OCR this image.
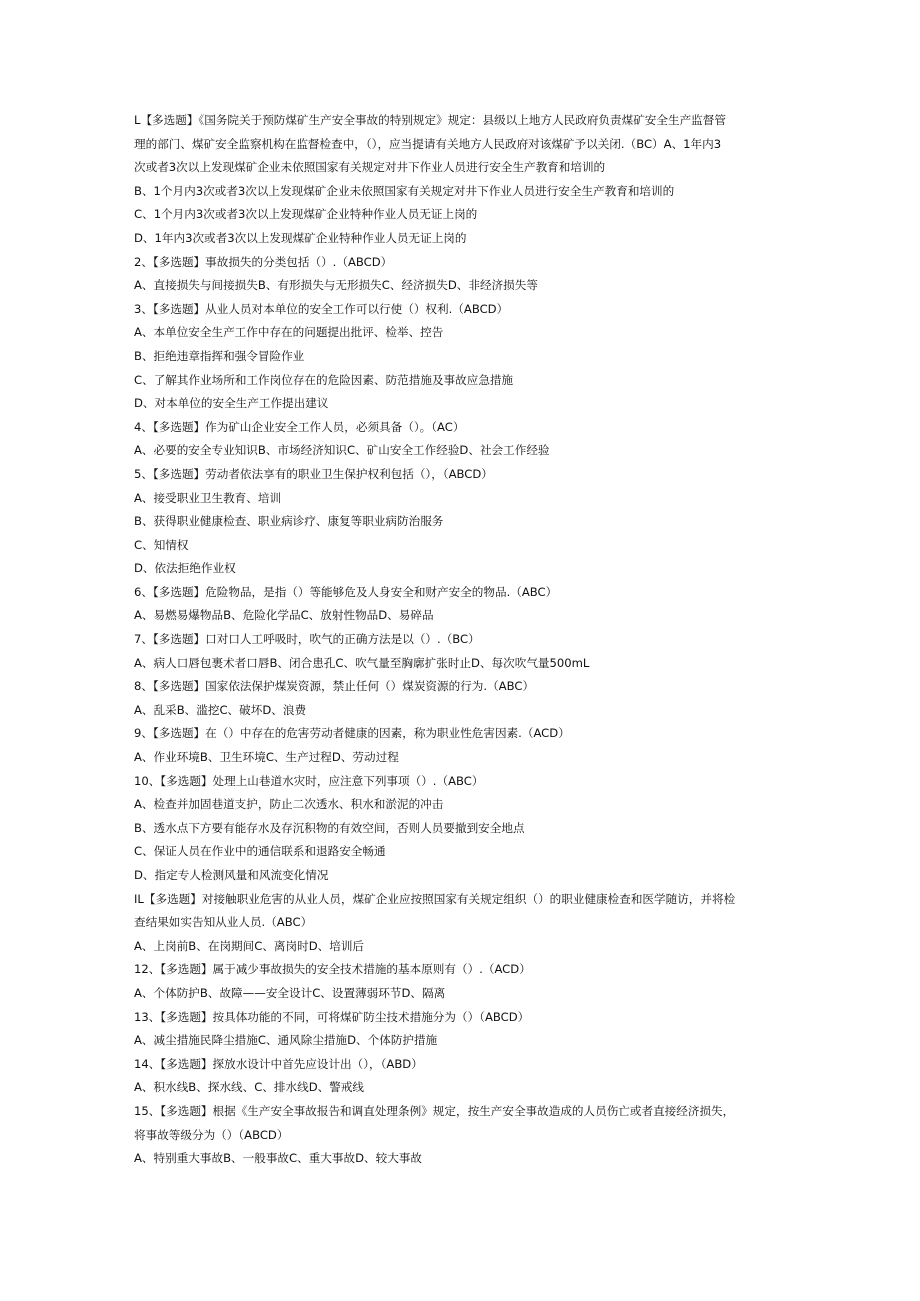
L【多选题】《国务院关于预防煤矿生产安全事故的特别规定》规定：县级以上地方人民政府负责煤矿安全生产监督管
理的部门、煤矿安全监察机构在监督检查中，（），应当提请有关地方人民政府对该煤矿予以关闭.（BC）A、1年内3
次或者3次以上发现煤矿企业未依照国家有关规定对井下作业人员进行安全生产教育和培训的
B、1个月内3次或者3次以上发现煤矿企业未依照国家有关规定对井下作业人员进行安全生产教育和培训的
C、1个月内3次或者3次以上发现煤矿企业特种作业人员无证上岗的
D、1年内3次或者3次以上发现煤矿企业特种作业人员无证上岗的
2、【多选题】事故损失的分类包括（）.（ABCD）
A、直接损失与间接损失B、有形损失与无形损失C、经济损失D、非经济损失等
3、【多选题】从业人员对本单位的安全工作可以行使（）权利.（ABCD）
A、本单位安全生产工作中存在的问题提出批评、检举、控告
B、拒绝违章指挥和强令冒险作业
C、了解其作业场所和工作岗位存在的危险因素、防范措施及事故应急措施
D、对本单位的安全生产工作提出建议
4、【多选题】作为矿山企业安全工作人员，必须具备（）。（AC）
A、必要的安全专业知识B、市场经济知识C、矿山安全工作经验D、社会工作经验
5、【多选题】劳动者依法享有的职业卫生保护权利包括（），（ABCD）
A、接受职业卫生教育、培训
B、获得职业健康检查、职业病诊疗、康复等职业病防治服务
C、知情权
D、依法拒绝作业权
6、【多选题】危险物品，是指（）等能够危及人身安全和财产安全的物品.（ABC）
A、易燃易爆物品B、危险化学品C、放射性物品D、易碎品
7、【多选题】口对口人工呼吸时，吹气的正确方法是以（）.（BC）
A、病人口唇包裹术者口唇B、闭合患孔C、吹气量至胸廓扩张时止D、每次吹气量500mL
8、【多选题】国家依法保护煤炭资源，禁止任何（）煤炭资源的行为.（ABC）
A、乱采B、滥挖C、破坏D、浪费
9、【多选题】在（）中存在的危害劳动者健康的因素，称为职业性危害因素.（ACD）
A、作业环境B、卫生环境C、生产过程D、劳动过程
10、【多选题】处理上山巷道水灾时，应注意下列事项（）.（ABC）
A、检查并加固巷道支护，防止二次透水、积水和淤泥的冲击
B、透水点下方要有能存水及存沉积物的有效空间，否则人员要撤到安全地点
C、保证人员在作业中的通信联系和退路安全畅通
D、指定专人检测风量和风流变化情况
IL【多选题】对接触职业危害的从业人员，煤矿企业应按照国家有关规定组织（）的职业健康检查和医学随访，并将检
查结果如实告知从业人员.（ABC）
A、上岗前B、在岗期间C、离岗时D、培训后
12、【多选题】属于减少事故损失的安全技术措施的基本原则有（）.（ACD）
A、个体防护B、故障——安全设计C、设置薄弱环节D、隔离
13、【多选题】按具体功能的不同，可将煤矿防尘技术措施分为（）（ABCD）
A、减尘措施民降尘措施C、通风除尘措施D、个体防护措施
14、【多选题】探放水设计中首先应设计出（），（ABD）
A、积水线B、探水线、C、排水线D、警戒线
15、【多选题】根据《生产安全事故报告和调直处理条例》规定，按生产安全事故造成的人员伤亡或者直接经济损失，
将事故等级分为（）（ABCD）
A、特别重大事故B、一般事故C、重大事故D、较大事故
